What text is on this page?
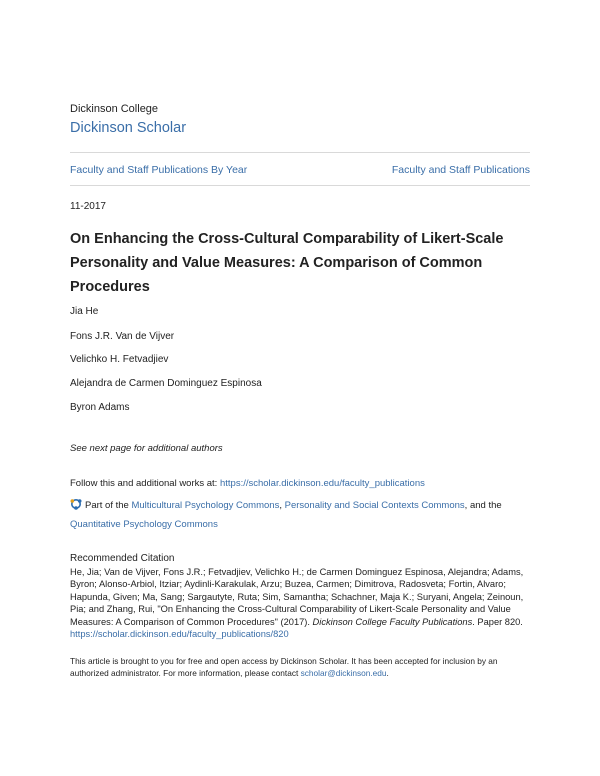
Dickinson College
Dickinson Scholar
Faculty and Staff Publications By Year	Faculty and Staff Publications
11-2017
On Enhancing the Cross-Cultural Comparability of Likert-Scale Personality and Value Measures: A Comparison of Common Procedures
Jia He
Fons J.R. Van de Vijver
Velichko H. Fetvadjiev
Alejandra de Carmen Dominguez Espinosa
Byron Adams
See next page for additional authors
Follow this and additional works at: https://scholar.dickinson.edu/faculty_publications
Part of the Multicultural Psychology Commons, Personality and Social Contexts Commons, and the Quantitative Psychology Commons
Recommended Citation
He, Jia; Van de Vijver, Fons J.R.; Fetvadjiev, Velichko H.; de Carmen Dominguez Espinosa, Alejandra; Adams, Byron; Alonso-Arbiol, Itziar; Aydinli-Karakulak, Arzu; Buzea, Carmen; Dimitrova, Radosveta; Fortin, Alvaro; Hapunda, Given; Ma, Sang; Sargautyte, Ruta; Sim, Samantha; Schachner, Maja K.; Suryani, Angela; Zeinoun, Pia; and Zhang, Rui, "On Enhancing the Cross-Cultural Comparability of Likert-Scale Personality and Value Measures: A Comparison of Common Procedures" (2017). Dickinson College Faculty Publications. Paper 820.
https://scholar.dickinson.edu/faculty_publications/820
This article is brought to you for free and open access by Dickinson Scholar. It has been accepted for inclusion by an authorized administrator. For more information, please contact scholar@dickinson.edu.
